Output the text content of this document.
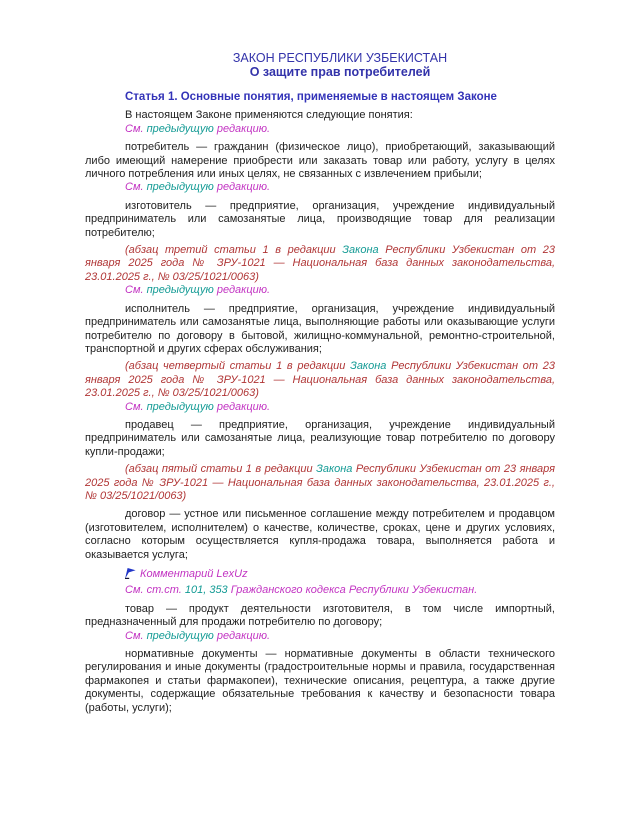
ЗАКОН РЕСПУБЛИКИ УЗБЕКИСТАН

О защите прав потребителей

Статья 1. Основные понятия, применяемые в настоящем Законе

В настоящем Законе применяются следующие понятия:

См. предыдущую редакцию.

потребитель — гражданин (физическое лицо), приобретающий, заказывающий либо имеющий намерение приобрести или заказать товар или работу, услугу в целях личного потребления или иных целях, не связанных с извлечением прибыли;

См. предыдущую редакцию.

изготовитель — предприятие, организация, учреждение индивидуальный предприниматель или самозанятые лица, производящие товар для реализации потребителю;

(абзац третий статьи 1 в редакции Закона Республики Узбекистан от 23 января 2025 года № ЗРУ-1021 — Национальная база данных законодательства, 23.01.2025 г., № 03/25/1021/0063)

См. предыдущую редакцию.

исполнитель — предприятие, организация, учреждение индивидуальный предприниматель или самозанятые лица, выполняющие работы или оказывающие услуги потребителю по договору в бытовой, жилищно-коммунальной, ремонтно-строительной, транспортной и других сферах обслуживания;

(абзац четвертый статьи 1 в редакции Закона Республики Узбекистан от 23 января 2025 года № ЗРУ-1021 — Национальная база данных законодательства, 23.01.2025 г., № 03/25/1021/0063)

См. предыдущую редакцию.

продавец — предприятие, организация, учреждение индивидуальный предприниматель или самозанятые лица, реализующие товар потребителю по договору купли-продажи;

(абзац пятый статьи 1 в редакции Закона Республики Узбекистан от 23 января 2025 года № ЗРУ-1021 — Национальная база данных законодательства, 23.01.2025 г., № 03/25/1021/0063)

договор — устное или письменное соглашение между потребителем и продавцом (изготовителем, исполнителем) о качестве, количестве, сроках, цене и других условиях, согласно которым осуществляется купля-продажа товара, выполняется работа и оказывается услуга;

Комментарий LexUz

См. ст.ст. 101, 353 Гражданского кодекса Республики Узбекистан.

товар — продукт деятельности изготовителя, в том числе импортный, предназначенный для продажи потребителю по договору;

См. предыдущую редакцию.

нормативные документы — нормативные документы в области технического регулирования и иные документы (градостроительные нормы и правила, государственная фармакопея и статьи фармакопеи), технические описания, рецептура, а также другие документы, содержащие обязательные требования к качеству и безопасности товара (работы, услуги);
